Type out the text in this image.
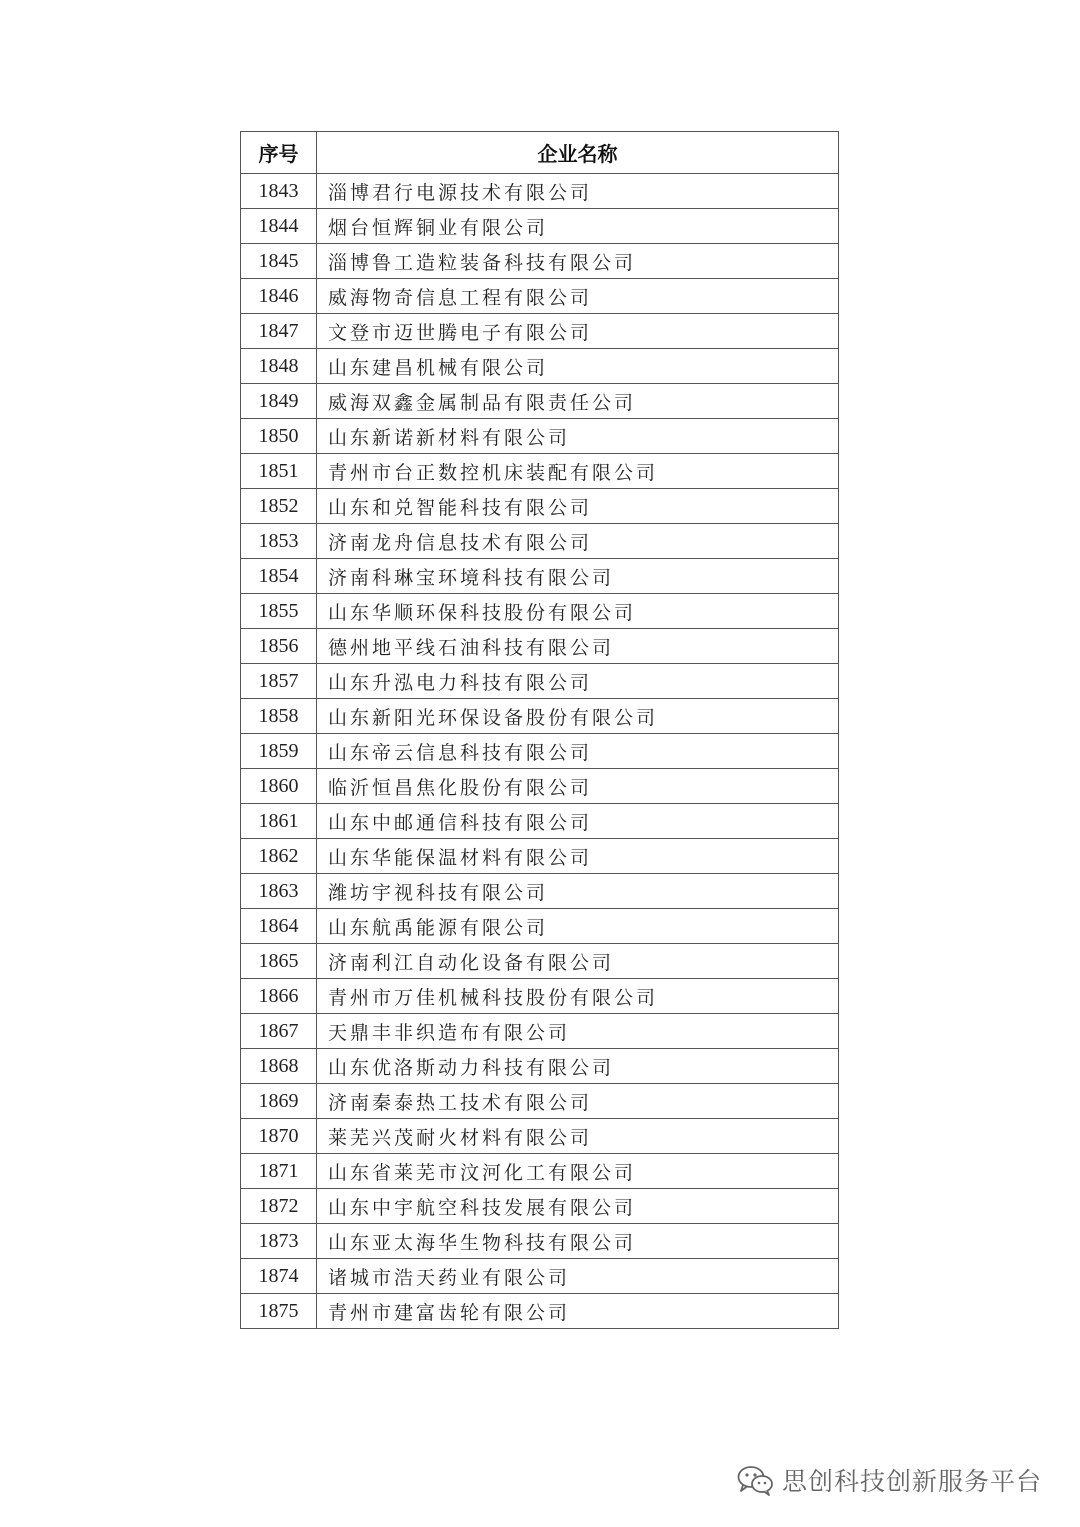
序号	企业名称
1843	淄博君行电源技术有限公司
1844	烟台恒辉铜业有限公司
1845	淄博鲁工造粒装备科技有限公司
1846	威海物奇信息工程有限公司
1847	文登市迈世腾电子有限公司
1848	山东建昌机械有限公司
1849	威海双鑫金属制品有限责任公司
1850	山东新诺新材料有限公司
1851	青州市台正数控机床装配有限公司
1852	山东和兑智能科技有限公司
1853	济南龙舟信息技术有限公司
1854	济南科琳宝环境科技有限公司
1855	山东华顺环保科技股份有限公司
1856	德州地平线石油科技有限公司
1857	山东升泓电力科技有限公司
1858	山东新阳光环保设备股份有限公司
1859	山东帝云信息科技有限公司
1860	临沂恒昌焦化股份有限公司
1861	山东中邮通信科技有限公司
1862	山东华能保温材料有限公司
1863	潍坊宇视科技有限公司
1864	山东航禹能源有限公司
1865	济南利江自动化设备有限公司
1866	青州市万佳机械科技股份有限公司
1867	天鼎丰非织造布有限公司
1868	山东优洛斯动力科技有限公司
1869	济南秦泰热工技术有限公司
1870	莱芜兴茂耐火材料有限公司
1871	山东省莱芜市汶河化工有限公司
1872	山东中宇航空科技发展有限公司
1873	山东亚太海华生物科技有限公司
1874	诸城市浩天药业有限公司
1875	青州市建富齿轮有限公司
思创科技创新服务平台
